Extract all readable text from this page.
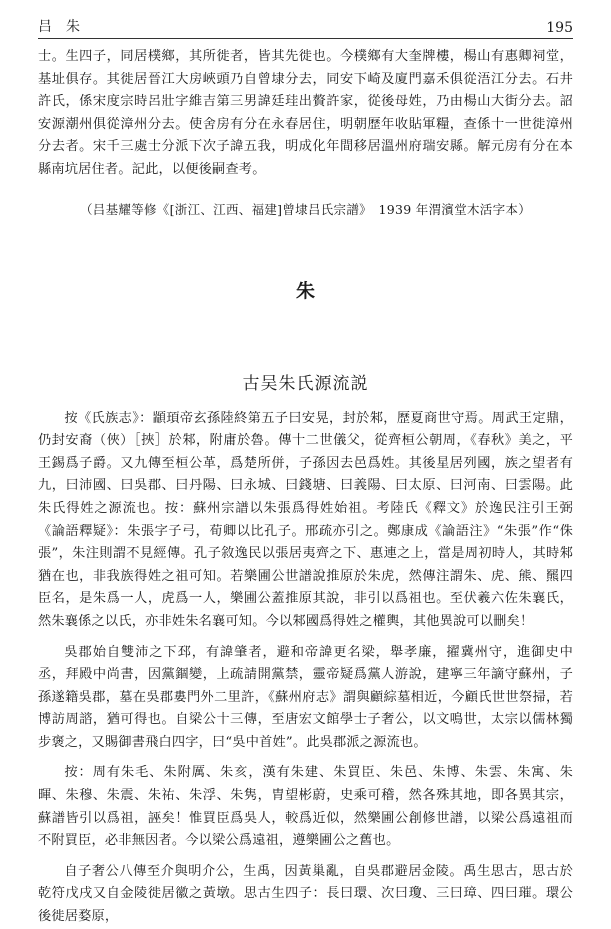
吕　朱	195

士。生四子，同居樸鄉，其所徙者，皆其先徙也。今樸鄉有大奎牌樓，楊山有惠卿祠堂，基址俱存。其徙居晉江大房峽頭乃自曾埭分去，同安下崎及廈門嘉禾俱從浯江分去。石井許氏，係宋度宗時呂壯字維吉第三男諱廷珪出贅許家，從後母姓，乃由楊山大街分去。詔安源潮州俱從漳州分去。使舍房有分在永春居住，明朝歷年收貼軍糧，查係十一世徙漳州分去者。宋千三處士分派下次子諱五我，明成化年間移居溫州府瑞安縣。解元房有分在本縣南坑居住者。記此，以便後嗣查考。

（吕基耀等修《[浙江、江西、福建]曾埭吕氏宗譜》　1939 年渭濱堂木活字本）
朱
古吴朱氏源流説

按《氏族志》：顓頊帝玄孫陸終第五子曰安晃，封於邾，歷夏商世守焉。周武王定鼎，仍封安裔（俠）［挾］於邾，附庸於魯。傳十二世儀父，從齊桓公朝周，《春秋》美之，平王錫爲子爵。又九傳至桓公革，爲楚所併，子孫因去邑爲姓。其後星居列國，族之望者有九，曰沛國、曰吳郡、曰丹陽、曰永城、曰錢塘、曰義陽、曰太原、曰河南、曰雲陽。此朱氏得姓之源流也。按：蘇州宗譜以朱張爲得姓始祖。考陸氏《釋文》於逸民注引王弼《論語釋疑》：朱張字子弓，荀卿以比孔子。邢疏亦引之。鄭康成《論語注》“朱張”作“侏張”，朱注則謂不見經傳。孔子敘逸民以張居夷齊之下、惠連之上，當是周初時人，其時邾猶在也，非我族得姓之祖可知。若樂圃公世譜說推原於朱虎，然傳注謂朱、虎、熊、羆四臣名，是朱爲一人，虎爲一人，樂圃公蓋推原其說，非引以爲祖也。至伏羲六佐朱襄氏，然朱襄係之以氏，亦非姓朱名襄可知。今以邾國爲得姓之權輿，其他異說可以刪矣！

吳郡始自雙沛之下邳，有諱肇者，避和帝諱更名梁，舉孝廉，擢冀州守，進御史中丞，拜殿中尚書，因黨錮變，上疏請開黨禁，靈帝疑爲黨人游說，建寧三年謫守蘇州，子孫遂籍吳郡，墓在吳郡婁門外二里許，《蘇州府志》謂與顧綜墓相近，今顧氏世世祭掃，若博訪周諮，猶可得也。自梁公十三傳，至唐宏文館學士子奢公，以文鳴世，太宗以儒林獨步褒之，又賜御書飛白四字，曰“吳中首姓”。此吳郡派之源流也。

按：周有朱毛、朱附厲、朱亥，漢有朱建、朱買臣、朱邑、朱博、朱雲、朱寓、朱暉、朱穆、朱震、朱祐、朱浮、朱隽，胄望彬蔚，史乘可稽，然各殊其地，即各異其宗，蘇譜皆引以爲祖，誣矣！惟買臣爲吳人，較爲近似，然樂圃公創修世譜，以梁公爲遠祖而不附買臣，必非無因者。今以梁公爲遠祖，遵樂圃公之舊也。

自子奢公八傳至介與明介公，生禹，因黃巢亂，自吳郡避居金陵。禹生思古，思古於乾符戊戌又自金陵徙居徽之黃墩。思古生四子：長曰環、次曰瓊、三曰璋、四曰璀。環公後徙居婺原，
